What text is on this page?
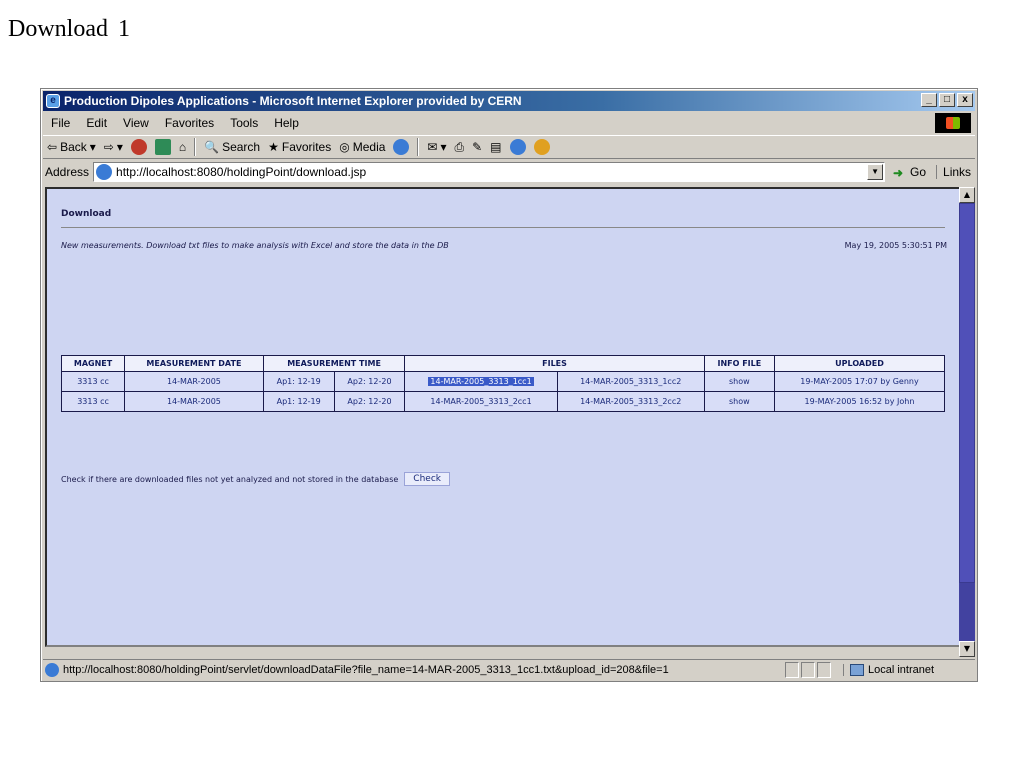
Download 1
e Production Dipoles Applications - Microsoft Internet Explorer provided by CERN	_	□	x
File	Edit	View	Favorites	Tools	Help
⇦ Back ▾ ⇨ ▾	⌂ 🔍 Search ★ Favorites ◎ Media	✉ ▾ ⎙ ✎ ▤
Address	http://localhost:8080/holdingPoint/download.jsp	▼	➜ Go	Links
Download
New measurements. Download txt files to make analysis with Excel and store the data in the DB	May 19, 2005 5:30:51 PM
MAGNET	MEASUREMENT DATE	MEASUREMENT TIME		FILES		INFO FILE	UPLOADED
3313 cc	14-MAR-2005	Ap1: 12-19	Ap2: 12-20	14-MAR-2005_3313_1cc1	14-MAR-2005_3313_1cc2	show	19-MAY-2005 17:07 by Genny
3313 cc	14-MAR-2005	Ap1: 12-19	Ap2: 12-20	14-MAR-2005_3313_2cc1	14-MAR-2005_3313_2cc2	show	19-MAY-2005 16:52 by John
Check if there are downloaded files not yet analyzed and not stored in the database	Check
▲
▼
http://localhost:8080/holdingPoint/servlet/downloadDataFile?file_name=14-MAR-2005_3313_1cc1.txt&upload_id=208&file=1	Local intranet
